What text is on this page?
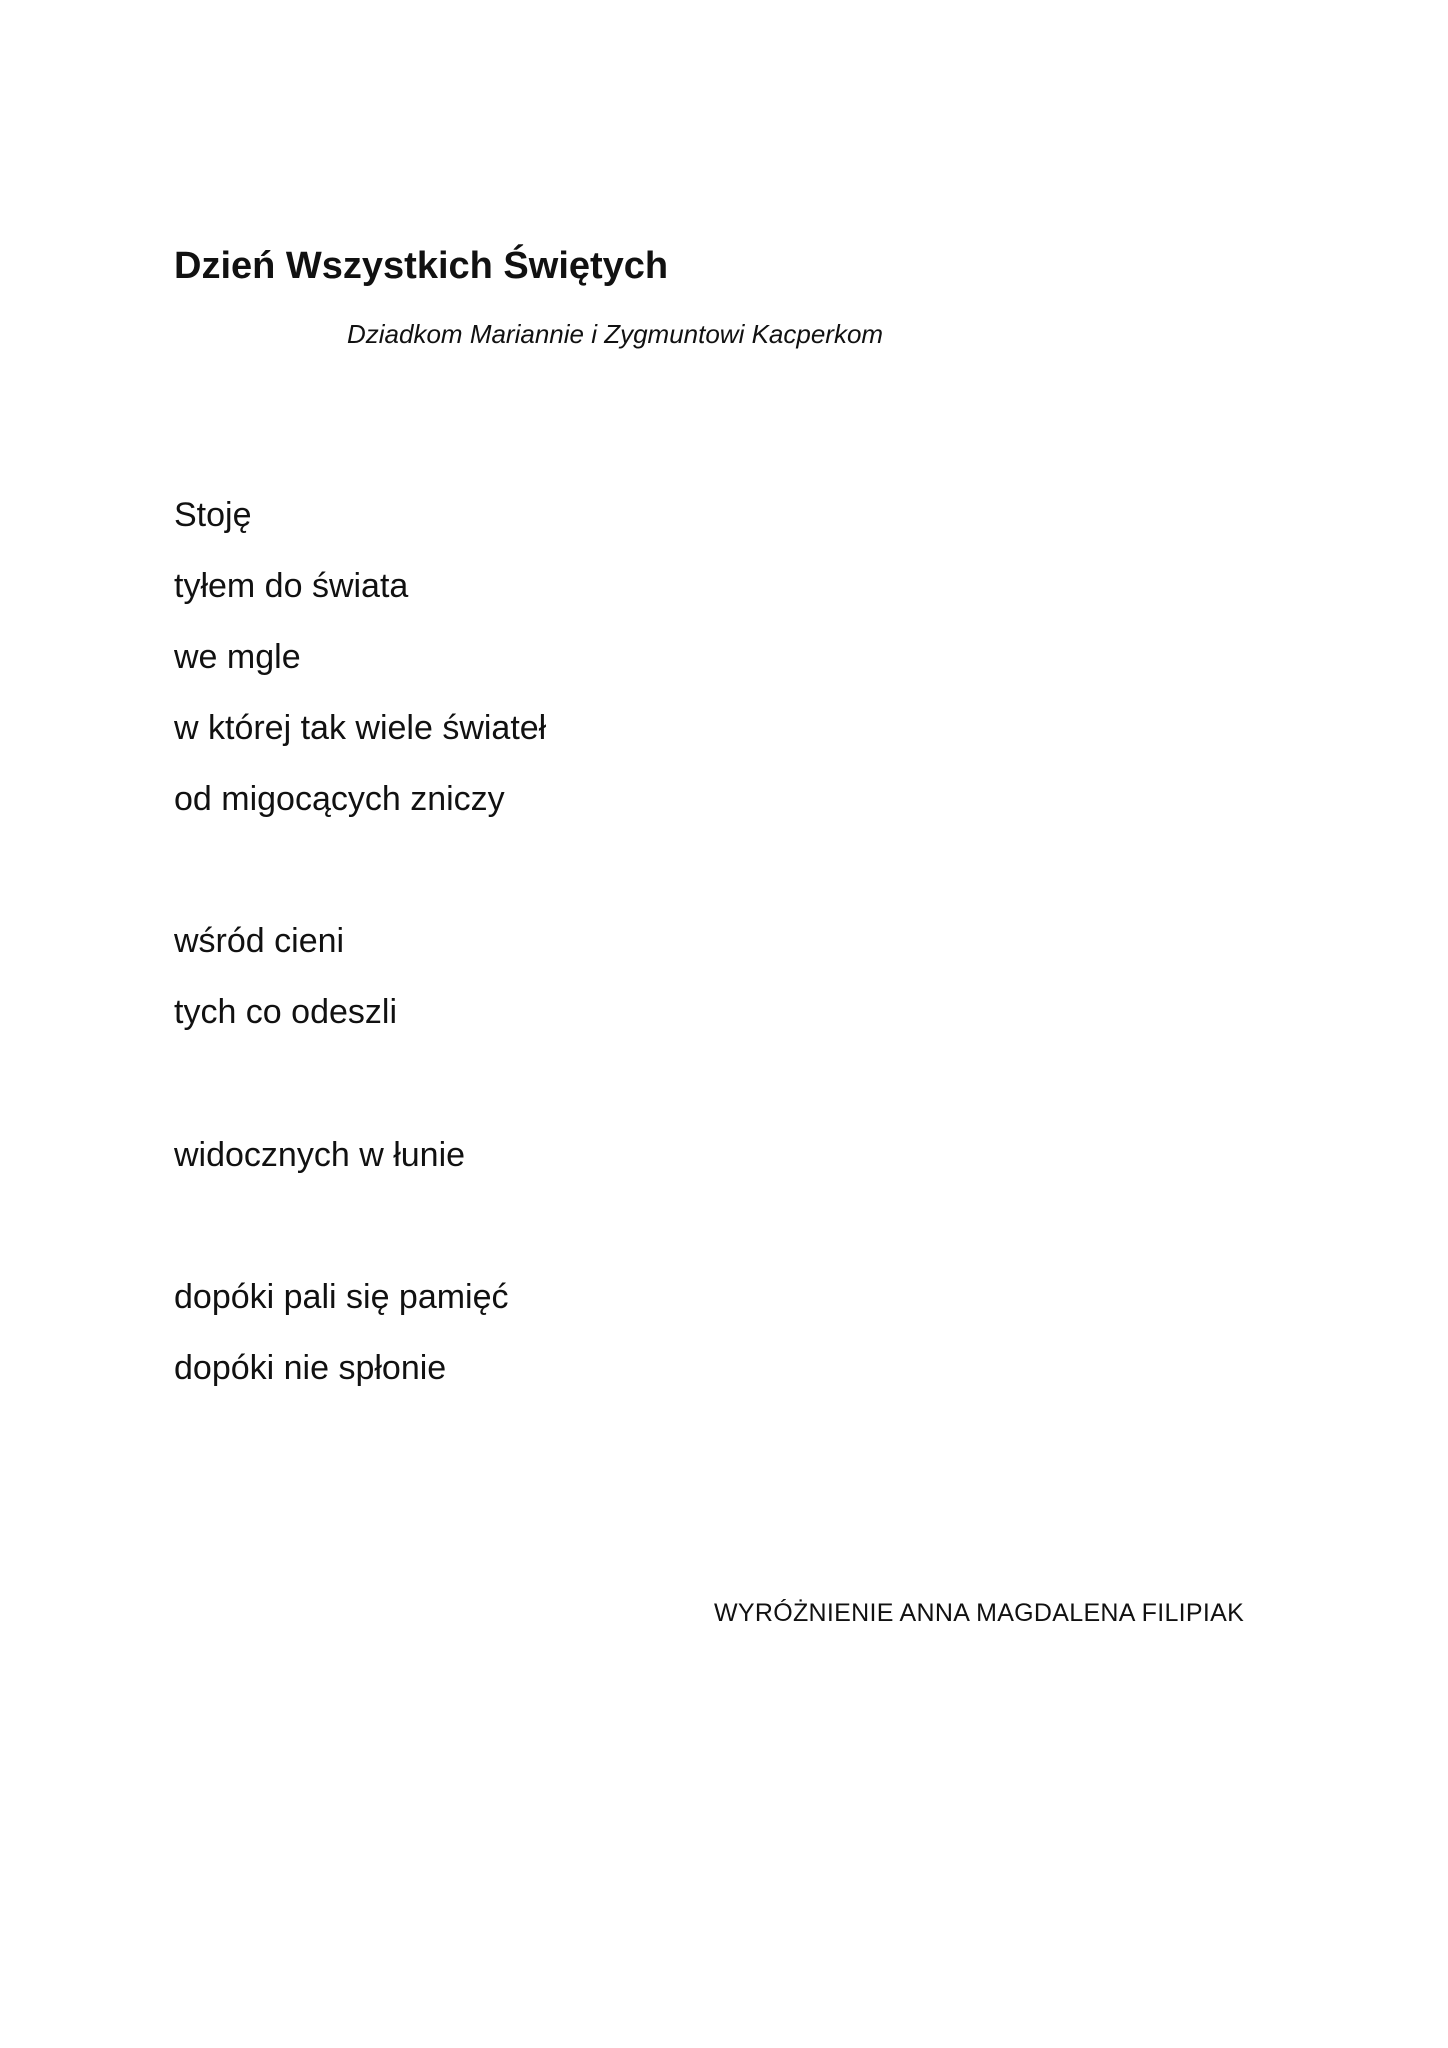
Dzień Wszystkich Świętych

Dziadkom Mariannie i Zygmuntowi Kacperkom

Stoję
tyłem do świata
we mgle
w której tak wiele świateł
od migocących zniczy
wśród cieni
tych co odeszli
widocznych w łunie
dopóki pali się pamięć
dopóki nie spłonie
WYRÓŻNIENIE ANNA MAGDALENA FILIPIAK
